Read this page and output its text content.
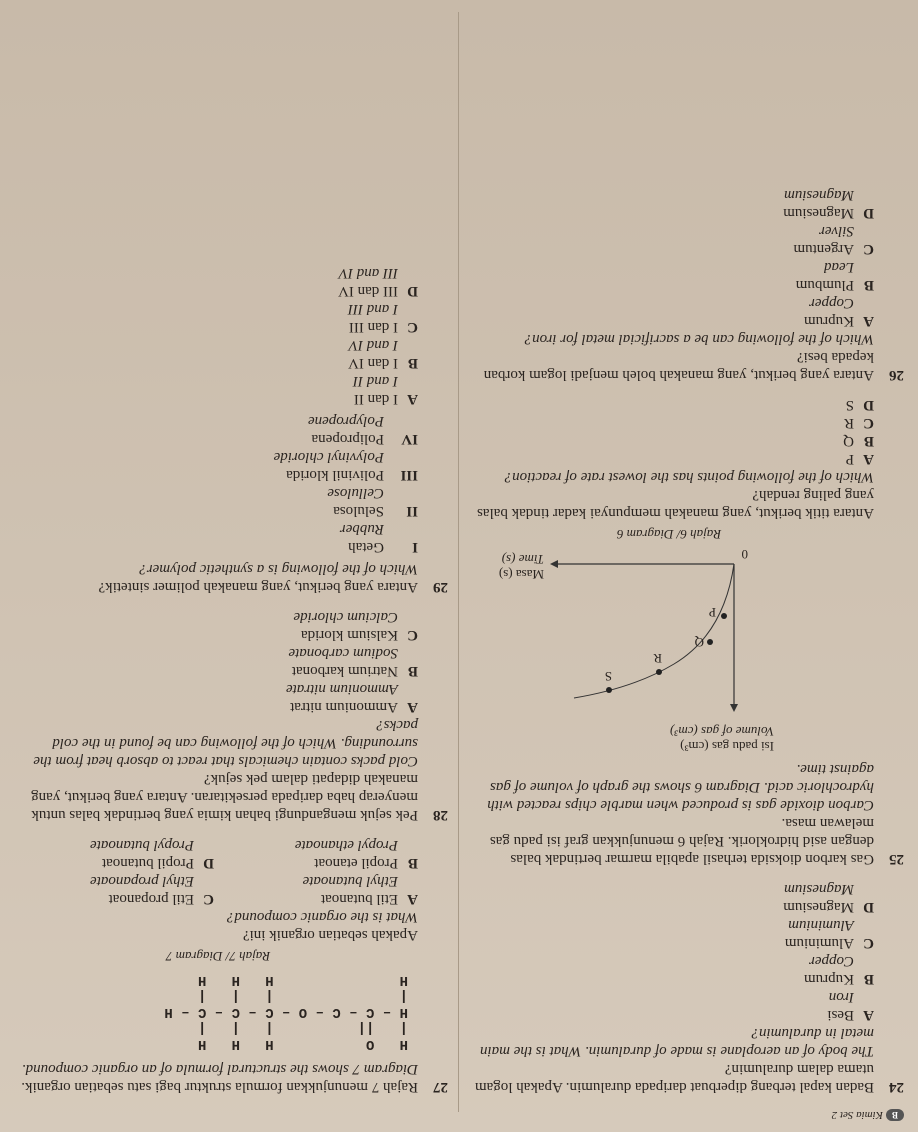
BKimia Set 2
24
Badan kapal terbang diperbuat daripada duralumin. Apakah logam utama dalam duralumin?
The body of an aeroplane is made of duralumin. What is the main metal in duralumin?
A
Besi
Iron
B
Kuprum
Copper
C
Aluminium
Aluminium
D
Magnesium
Magnesium
25
Gas karbon dioksida terhasil apabila marmar bertindak balas dengan asid hidroklorik. Rajah 6 menunjukkan graf isi padu gas melawan masa.
Carbon dioxide gas is produced when marble chips reacted with hydrochloric acid. Diagram 6 shows the graph of volume of gas against time.
Isi padu gas (cm³)
Volume of gas (cm³)
P
Q
R
S
0
Masa (s)
Time (s)
Rajah 6/ Diagram 6
Antara titik berikut, yang manakah mempunyai kadar tindak balas yang paling rendah?
Which of the following points has the lowest rate of reaction?
A
P
B
Q
C
R
D
S
26
Antara yang berikut, yang manakah boleh menjadi logam korban kepada besi?
Which of the following can be a sacrificial metal for iron?
A
Kuprum
Copper
B
Plumbum
Lead
C
Argentum
Silver
D
Magnesium
Magnesium
27
Rajah 7 menunjukkan formula struktur bagi satu sebatian organik.
Diagram 7 shows the structural formula of an organic compound.
H   O           H   H   H
|   ||          |   |   |
H – C – C – O – C – C – C – H
|               |   |   |
H               H   H   H
Rajah 7/ Diagram 7
Apakah sebatian organik ini?
What is the organic compound?
A
Etil butanoat
Ethyl butanoate
C
Etil propanoat
Ethyl propanoate
B
Propil etanoat
Propyl ethanoate
D
Propil butanoat
Propyl butanoate
28
Pek sejuk mengandungi bahan kimia yang bertindak balas untuk menyerap haba daripada persekitaran. Antara yang berikut, yang manakah didapati dalam pek sejuk?
Cold packs contain chemicals that react to absorb heat from the surrounding. Which of the following can be found in the cold packs?
A
Ammonium nitrat
Ammonium nitrate
B
Natrium karbonat
Sodium carbonate
C
Kalsium klorida
Calcium chloride
29
Antara yang berikut, yang manakah polimer sintetik?
Which of the following is a synthetic polymer?
I
Getah
Rubber
II
Selulosa
Cellulose
III
Polivinil klorida
Polyvinyl chloride
IV
Polipropena
Polypropene
A
I dan II
I and II
B
I dan IV
I and IV
C
I dan III
I and III
D
III dan IV
III and IV
